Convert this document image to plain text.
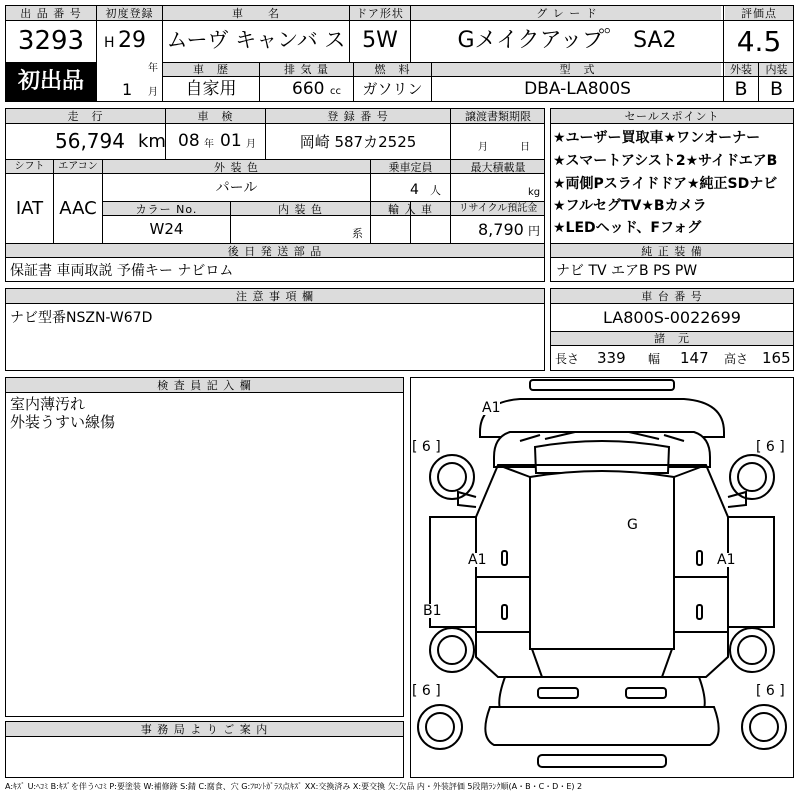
出 品 番 号
3293
初出品
初度登録
H 29
年
1 月
車　　名
ムーヴ キャンバ ス
ドア形状
5W
グ レ ー ド
Gメイクアップ゜ SA2
評価点
4.5
車　歴
自家用
排 気 量
660 cc
燃　料
ガソリン
型　式
DBA-LA800S
外装	内装
B	B
走　行
56,794 km
車　検
08 年 01 月
登 録 番 号
岡崎 587カ2525
譲渡書類期限
月	日
シフト
IAT
エアコン
AAC
外 装 色
パール
乗車定員
4 人
最大積載量
kg
カラー No.
W24
内 装 色
系
輸 入 車	リサイクル預託金
8,790 円
後 日 発 送 部 品
保証書 車両取説 予備キー ナビロム
セールスポイント
★ユーザー買取車★ワンオーナー
★スマートアシスト2★サイドエアB
★両側Pスライドドア★純正SDナビ
★フルセグTV★Bカメラ
★LEDヘッド、Fフォグ
純 正 装 備
ナビ TV エアB PS PW
注 意 事 項 欄
ナビ型番NSZN-W67D
車 台 番 号
LA800S-0022699
諸　元
長さ 339 幅 147 高さ 165
検 査 員 記 入 欄
室内薄汚れ
外装うすい線傷
事 務 局 よ り ご 案 内
A1
[ 6 ]	[ 6 ]
G
A1	A1
B1
[ 6 ]	[ 6 ]
A:ｷｽﾞ U:ﾍｺﾐ B:ｷｽﾞを伴うﾍｺﾐ P:要塗装 W:補修跡 S:錆 C:腐食、穴 G:ﾌﾛﾝﾄｶﾞﾗｽ点ｷｽﾞ XX:交換済み X:要交換 欠:欠品 内・外装評価 5段階ﾗﾝｸ順(A・B・C・D・E) 2
